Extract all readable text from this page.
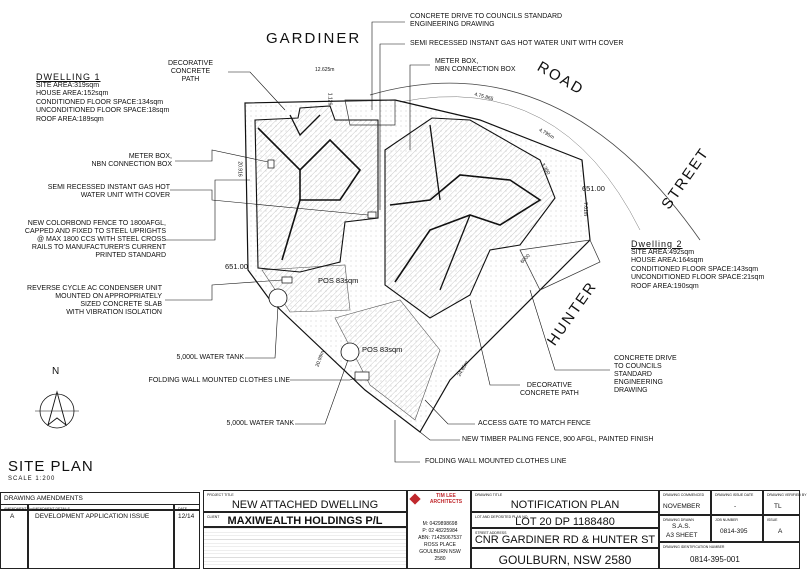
N
GARDINER
ROAD
STREET
HUNTER
DWELLING 1
SITE AREA:319sqm
HOUSE AREA:152sqm
CONDITIONED FLOOR SPACE:134sqm
UNCONDITIONED FLOOR SPACE:18sqm
ROOF AREA:189sqm
Dwelling 2
SITE AREA:492sqm
HOUSE AREA:164sqm
CONDITIONED FLOOR SPACE:143sqm
UNCONDITIONED FLOOR SPACE:21sqm
ROOF AREA:190sqm
CONCRETE DRIVE TO COUNCILS STANDARD
ENGINEERING DRAWING
SEMI RECESSED INSTANT GAS HOT WATER UNIT WITH COVER
METER BOX,
NBN CONNECTION BOX
DECORATIVE
CONCRETE
PATH
METER BOX,
NBN CONNECTION BOX
SEMI RECESSED INSTANT GAS HOT
WATER UNIT WITH COVER
NEW COLORBOND FENCE TO 1800AFGL,
CAPPED AND FIXED TO STEEL UPRIGHTS
@ MAX 1800 CCS WITH STEEL CROSS
RAILS TO MANUFACTURER'S CURRENT
PRINTED STANDARD
REVERSE CYCLE AC CONDENSER UNIT
MOUNTED ON APPROPRIATELY
SIZED CONCRETE SLAB
WITH VIBRATION ISOLATION
5,000L WATER TANK
FOLDING WALL MOUNTED CLOTHES LINE
5,000L WATER TANK	ACCESS GATE TO MATCH FENCE
NEW TIMBER PALING FENCE, 900 AFGL, PAINTED FINISH
FOLDING WALL MOUNTED CLOTHES LINE
CONCRETE DRIVE
TO COUNCILS
STANDARD
ENGINEERING
DRAWING
DECORATIVE
CONCRETE PATH
POS 83sqm
POS 83sqm
651.00
651.00
12.625m
1.126	4.75.865
4.795m
3.350
7.01m
6000
24.65m
20.99m
20.916
SITE PLAN
SCALE 1:200
DRAWING AMENDMENTS
AMENDMENT No. AMENDMENT DETAILS	DATE
A	DEVELOPMENT APPLICATION ISSUE	12/14
PROJECT TITLE
NEW ATTACHED DWELLING
CLIENT MAXIWEALTH HOLDINGS P/L
TIM LEE ARCHITECTS
M: 0429898698
P: 02 48225984
ABN: 71425067537
ROSS PLACE
GOULBURN NSW
2580
DRAWING TITLE
NOTIFICATION PLAN
LOT AND DEPOSITED PLAN NO.
LOT 20 DP 1188480
STREET ADDRESS
CNR GARDINER RD & HUNTER ST
GOULBURN, NSW 2580
DRAWING COMMENCED
NOVEMBER
DRAWING ISSUE DATE
-
DRAWING VERIFIED BY
TL
DRAWING DRAWN
S.A.S.
A3 SHEET
JOB NUMBER
0814-395
ISSUE
A
DRAWING IDENTIFICATION NUMBER
0814-395-001
